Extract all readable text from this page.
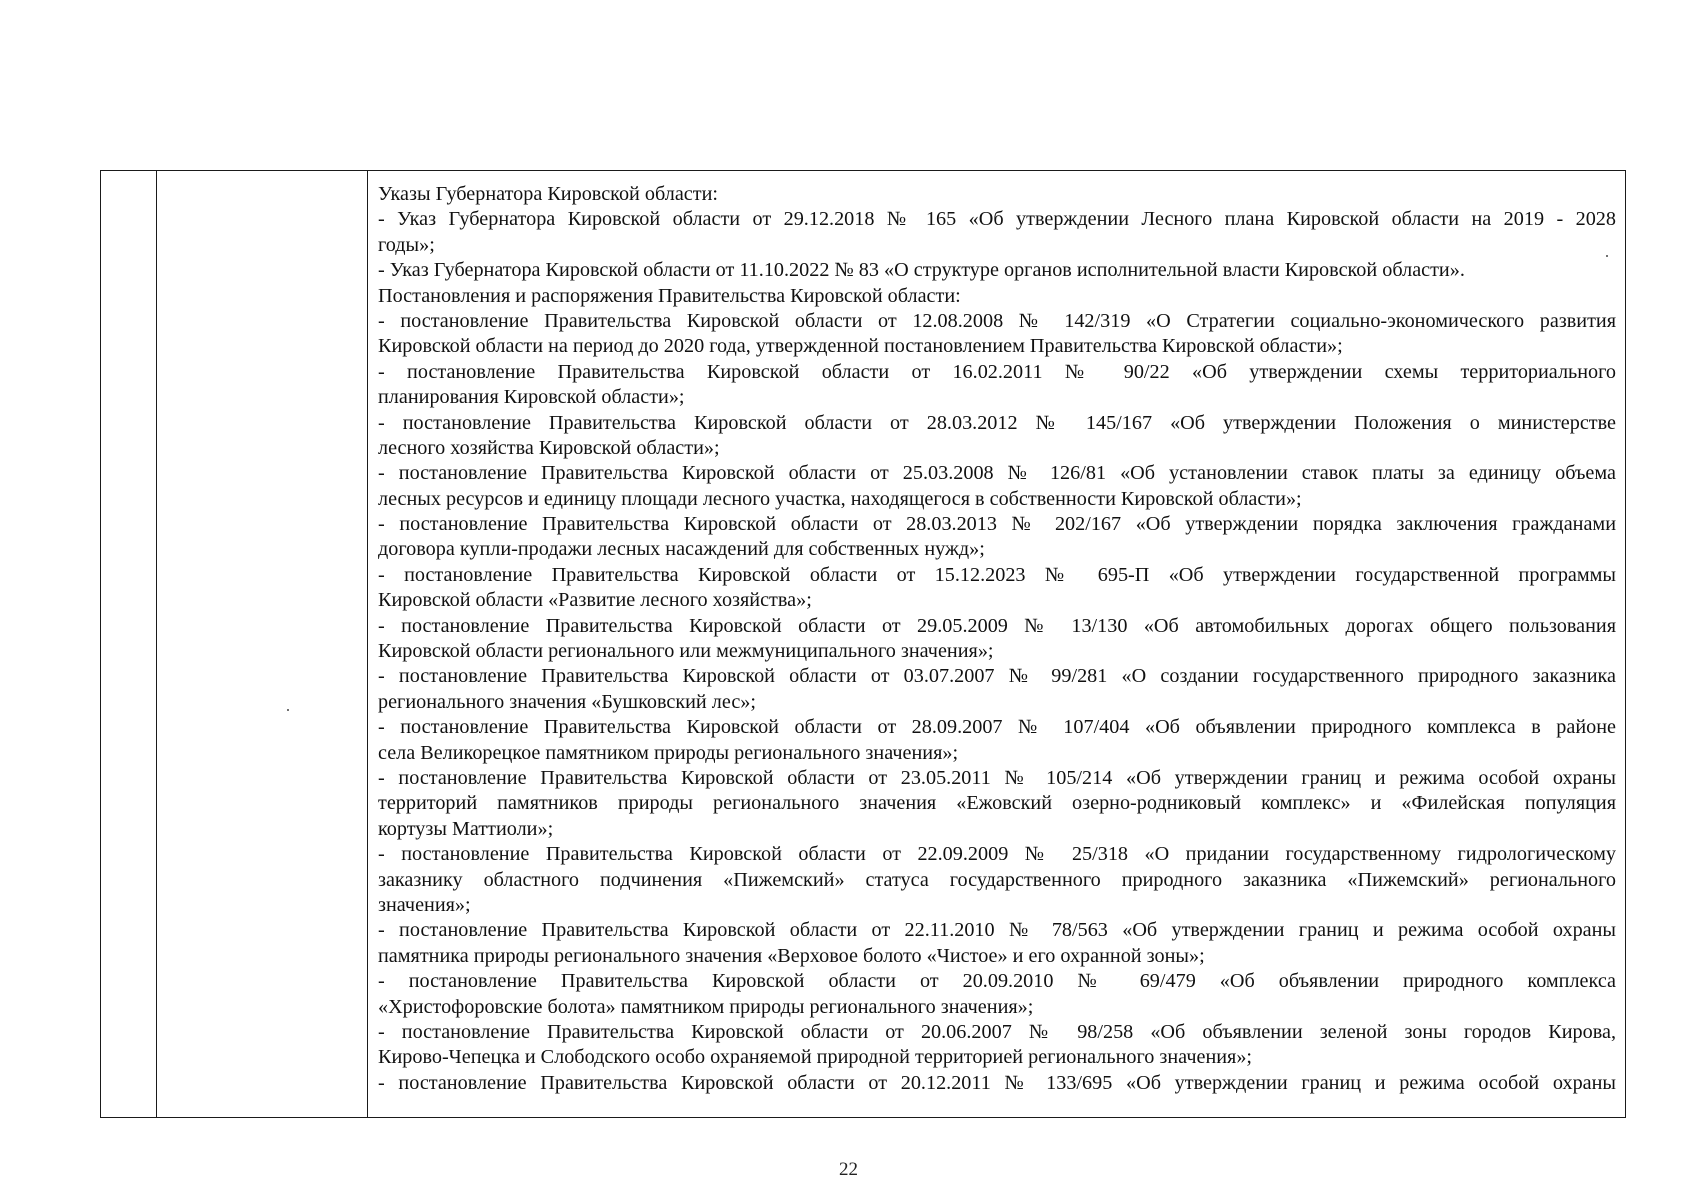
Указы Губернатора Кировской области:
- Указ Губернатора Кировской области от 29.12.2018 № 165 «Об утверждении Лесного плана Кировской области на 2019 - 2028
годы»;
- Указ Губернатора Кировской области от 11.10.2022 № 83 «О структуре органов исполнительной власти Кировской области».
Постановления и распоряжения Правительства Кировской области:
- постановление Правительства Кировской области от 12.08.2008 № 142/319 «О Стратегии социально-экономического развития
Кировской области на период до 2020 года, утвержденной постановлением Правительства Кировской области»;
- постановление Правительства Кировской области от 16.02.2011 № 90/22 «Об утверждении схемы территориального
планирования Кировской области»;
- постановление Правительства Кировской области от 28.03.2012 № 145/167 «Об утверждении Положения о министерстве
лесного хозяйства Кировской области»;
- постановление Правительства Кировской области от 25.03.2008 № 126/81 «Об установлении ставок платы за единицу объема
лесных ресурсов и единицу площади лесного участка, находящегося в собственности Кировской области»;
- постановление Правительства Кировской области от 28.03.2013 № 202/167 «Об утверждении порядка заключения гражданами
договора купли-продажи лесных насаждений для собственных нужд»;
- постановление Правительства Кировской области от 15.12.2023 № 695-П «Об утверждении государственной программы
Кировской области «Развитие лесного хозяйства»;
- постановление Правительства Кировской области от 29.05.2009 № 13/130 «Об автомобильных дорогах общего пользования
Кировской области регионального или межмуниципального значения»;
- постановление Правительства Кировской области от 03.07.2007 № 99/281 «О создании государственного природного заказника
регионального значения «Бушковский лес»;
- постановление Правительства Кировской области от 28.09.2007 № 107/404 «Об объявлении природного комплекса в районе
села Великорецкое памятником природы регионального значения»;
- постановление Правительства Кировской области от 23.05.2011 № 105/214 «Об утверждении границ и режима особой охраны
территорий памятников природы регионального значения «Ежовский озерно-родниковый комплекс» и «Филейская популяция
кортузы Маттиоли»;
- постановление Правительства Кировской области от 22.09.2009 № 25/318 «О придании государственному гидрологическому
заказнику областного подчинения «Пижемский» статуса государственного природного заказника «Пижемский» регионального
значения»;
- постановление Правительства Кировской области от 22.11.2010 № 78/563 «Об утверждении границ и режима особой охраны
памятника природы регионального значения «Верховое болото «Чистое» и его охранной зоны»;
- постановление Правительства Кировской области от 20.09.2010 № 69/479 «Об объявлении природного комплекса
«Христофоровские болота» памятником природы регионального значения»;
- постановление Правительства Кировской области от 20.06.2007 № 98/258 «Об объявлении зеленой зоны городов Кирова,
Кирово-Чепецка и Слободского особо охраняемой природной территорией регионального значения»;
- постановление Правительства Кировской области от 20.12.2011 № 133/695 «Об утверждении границ и режима особой охраны
22
